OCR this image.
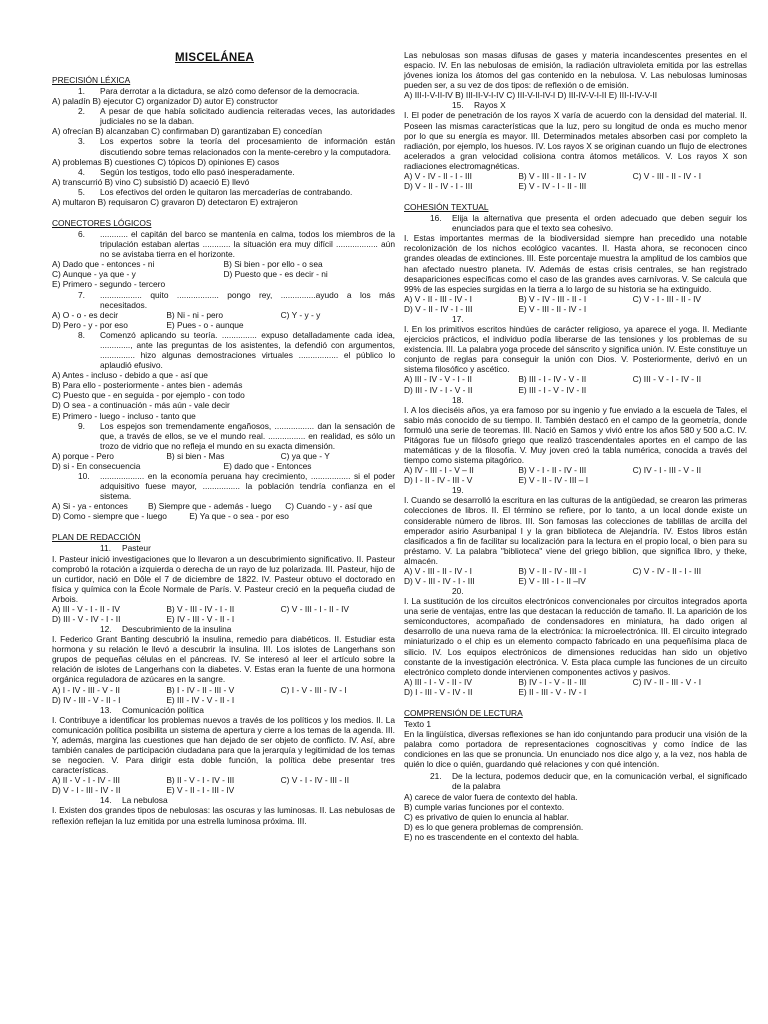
MISCELÁNEA
PRECISIÓN LÉXICA
1. Para derrotar a la dictadura, se alzó como defensor de la democracia.
A) paladín B) ejecutor C) organizador D) autor E) constructor
2. A pesar de que había solicitado audiencia reiteradas veces, las autoridades judiciales no se la daban.
A) ofrecían B) alcanzaban C) confirmaban D) garantizaban E) concedían
3. Los expertos sobre la teoría del procesamiento de información están discutiendo sobre temas relacionados con la mente-cerebro y la computadora.
A) problemas B) cuestiones C) tópicos D) opiniones E) casos
4. Según los testigos, todo ello pasó inesperadamente.
A) transcurrió B) vino C) subsistió D) acaeció E) llevó
5. Los efectivos del orden le quitaron las mercaderías de contrabando.
A) multaron B) requisaron C) gravaron D) detectaron E) extrajeron
CONECTORES LÓGICOS
6. ............ el capitán del barco se mantenía en calma, todos los miembros de la tripulación estaban alertas ............ la situación era muy difícil .................. aún no se avistaba tierra en el horizonte.
A) Dado que - entonces - ni	B) Si bien - por ello - o sea
C) Aunque - ya que - y	D) Puesto que - es decir - ni
E) Primero - segundo - tercero
7. .................. quito .................. pongo rey, ...............ayudo a los más necesitados.
A) O - o - es decir	B) Ni - ni - pero	C) Y - y - y
D) Pero - y - por eso	E) Pues - o - aunque
8. Comenzó aplicando su teoría. ............... expuso detalladamente cada idea, ............., ante las preguntas de los asistentes, la defendió con argumentos, ............... hizo algunas demostraciones virtuales ................. el público lo aplaudió efusivo.
A) Antes - incluso - debido a que - así que
B) Para ello - posteriormente - antes bien - además
C) Puesto que - en seguida - por ejemplo - con todo
D) O sea - a continuación - más aún - vale decir
E) Primero - luego - incluso - tanto que
9. Los espejos son tremendamente engañosos, ................. dan la sensación de que, a través de ellos, se ve el mundo real. ................ en realidad, es sólo un trozo de vidrio que no refleja el mundo en su exacta dimensión.
A) porque - Pero	B) si bien - Mas	C) ya que - Y
D) si - En consecuencia	E) dado que - Entonces
10. ................... en la economía peruana hay crecimiento, ................. si el poder adquisitivo fuese mayor, ................ la población tendría confianza en el sistema.
A) Si - ya - entonces	B) Siempre que - además - luego	C) Cuando - y - así que
D) Como - siempre que - luego	E) Ya que - o sea - por eso
PLAN DE REDACCIÓN
11. Pasteur
I. Pasteur inició investigaciones que lo llevaron a un descubrimiento significativo. II. Pasteur comprobó la rotación a izquierda o derecha de un rayo de luz polarizada. III. Pasteur, hijo de un curtidor, nació en Dôle el 7 de diciembre de 1822. IV. Pasteur obtuvo el doctorado en física y química con la École Normale de París. V. Pasteur creció en la pequeña ciudad de Arbois.
A) III - V - I - II - IV	B) V - III - IV - I - II	C) V - III - I - II - IV
D) III - V - IV - I - II	E) IV - III - V - II - I
12. Descubrimiento de la insulina
I. Federico Grant Banting descubrió la insulina, remedio para diabéticos. II. Estudiar esta hormona y su relación le llevó a descubrir la insulina. III. Los islotes de Langerhans son grupos de pequeñas células en el páncreas. IV. Se interesó al leer el artículo sobre la relación de islotes de Langerhans con la diabetes. V. Estas eran la fuente de una hormona orgánica reguladora de azúcares en la sangre.
A) I - IV - III - V - II	B) I - IV - II - III - V	C) I - V - III - IV - I
D) IV - III - V - II - I	E) III - IV - V - II - I
13. Comunicación política
I. Contribuye a identificar los problemas nuevos a través de los políticos y los medios. II. La comunicación política posibilita un sistema de apertura y cierre a los temas de la agenda. III. Y, además, margina las cuestiones que han dejado de ser objeto de conflicto. IV. Así, abre también canales de participación ciudadana para que la jerarquía y legitimidad de los temas se negocien. V. Para dirigir esta doble función, la política debe presentar tres características.
A) II - V - I - IV - III	B) II - V - I - IV - III	C) V - I - IV - III - II
D) V - I - III - IV - II	E) V - II - I - III - IV
14. La nebulosa
I. Existen dos grandes tipos de nebulosas: las oscuras y las luminosas. II. Las nebulosas de reflexión reflejan la luz emitida por una estrella luminosa próxima. III.
Las nebulosas son masas difusas de gases y materia incandescentes presentes en el espacio. IV. En las nebulosas de emisión, la radiación ultravioleta emitida por las estrellas jóvenes ioniza los átomos del gas contenido en la nebulosa. V. Las nebulosas luminosas pueden ser, a su vez de dos tipos: de reflexión o de emisión.
A) III-I-V-II-IV B) III-II-V-I-IV C) III-V-II-IV-I D) III-IV-V-I-II E) III-I-IV-V-II
15. Rayos X
I. El poder de penetración de los rayos X varía de acuerdo con la densidad del material. II. Poseen las mismas características que la luz, pero su longitud de onda es mucho menor por lo que su energía es mayor. III. Determinados metales absorben casi por completo la radiación, por ejemplo, los huesos. IV. Los rayos X se originan cuando un flujo de electrones acelerados a gran velocidad colisiona contra átomos metálicos. V. Los rayos X son radiaciones electromagnéticas.
A) V - IV - II - I - III	B) V - III - II - I - IV	C) V - III - II - IV - I
D) V - II - IV - I - III	E) V - IV - I - II - III
COHESIÓN TEXTUAL
16. Elija la alternativa que presenta el orden adecuado que deben seguir los enunciados para que el texto sea cohesivo.
I. Estas importantes mermas de la biodiversidad siempre han precedido una notable recolonización de los nichos ecológico vacantes. II. Hasta ahora, se reconocen cinco grandes oleadas de extinciones. III. Este porcentaje muestra la amplitud de los cambios que han afectado nuestro planeta. IV. Además de estas crisis centrales, se han registrado desapariciones específicas como el caso de las grandes aves carnívoras. V. Se calcula que 99% de las especies surgidas en la tierra a lo largo de su historia se ha extinguido.
A) V - II - III - IV - I	B) V - IV - III - II - I	C) V - I - III - II - IV
D) V - II - IV - I - III	E) V - III - II - IV - I
17.
I. En los primitivos escritos hindúes de carácter religioso, ya aparece el yoga. II. Mediante ejercicios prácticos, el individuo podía liberarse de las tensiones y los problemas de su existencia. III. La palabra yoga procede del sánscrito y significa unión. IV. Este constituye un conjunto de reglas para conseguir la unión con Dios. V. Posteriormente, derivó en un sistema filosófico y ascético.
A) III - IV - V - I - II	B) III - I - IV - V - II	C) III - V - I - IV - II
D) III - IV - I - V - II	E) III - I - V - IV - II
18.
I. A los dieciséis años, ya era famoso por su ingenio y fue enviado a la escuela de Tales, el sabio más conocido de su tiempo. II. También destacó en el campo de la geometría, donde formuló una serie de teoremas. III. Nació en Samos y vivió entre los años 580 y 500 a.C. IV. Pitágoras fue un filósofo griego que realizó trascendentales aportes en el campo de las matemáticas y de la filosofía. V. Muy joven creó la tabla numérica, conocida a través del tiempo como sistema pitagórico.
A) IV - III - I - V – II	B) V - I - II - IV - III	C) IV - I - III - V - II
D) I - II - IV - III - V	E) V - II - IV - III – I
19.
I. Cuando se desarrolló la escritura en las culturas de la antigüedad, se crearon las primeras colecciones de libros. II. El término se refiere, por lo tanto, a un local donde existe un considerable número de libros. III. Son famosas las colecciones de tablillas de arcilla del emperador asirio Asurbanipal I y la gran biblioteca de Alejandría. IV. Estos libros están clasificados a fin de facilitar su localización para la lectura en el propio local, o bien para su préstamo. V. La palabra "biblioteca" viene del griego biblion, que significa libro, y theke, almacén.
A) V - III - II - IV - I	B) V - II - IV - III - I	C) V - IV - II - I - III
D) V - III - IV - I - III	E) V - III - I - II –IV
20.
I. La sustitución de los circuitos electrónicos convencionales por circuitos integrados aporta una serie de ventajas, entre las que destacan la reducción de tamaño. II. La aparición de los semiconductores, acompañado de condensadores en miniatura, ha dado origen al desarrollo de una nueva rama de la electrónica: la microelectrónica. III. El circuito integrado miniaturizado o el chip es un elemento compacto fabricado en una pequeñísima placa de silicio. IV. Los equipos electrónicos de dimensiones reducidas han sido un objetivo constante de la investigación electrónica. V. Esta placa cumple las funciones de un circuito electrónico completo donde intervienen componentes activos y pasivos.
A) III - I - V - II - IV	B) IV - I - V - II - III	C) IV - II - III - V - I
D) I - III - V - IV - II	E) II - III - V - IV - I
COMPRENSIÓN DE LECTURA
Texto 1
En la lingüística, diversas reflexiones se han ido conjuntando para producir una visión de la palabra como portadora de representaciones cognoscitivas y como índice de las condiciones en las que se pronuncia. Un enunciado nos dice algo y, a la vez, nos habla de quién lo dice o quién, guardando qué relaciones y con qué intención.
21. De la lectura, podemos deducir que, en la comunicación verbal, el significado de la palabra
A) carece de valor fuera de contexto del habla.
B) cumple varias funciones por el contexto.
C) es privativo de quien lo enuncia al hablar.
D) es lo que genera problemas de comprensión.
E) no es trascendente en el contexto del habla.
